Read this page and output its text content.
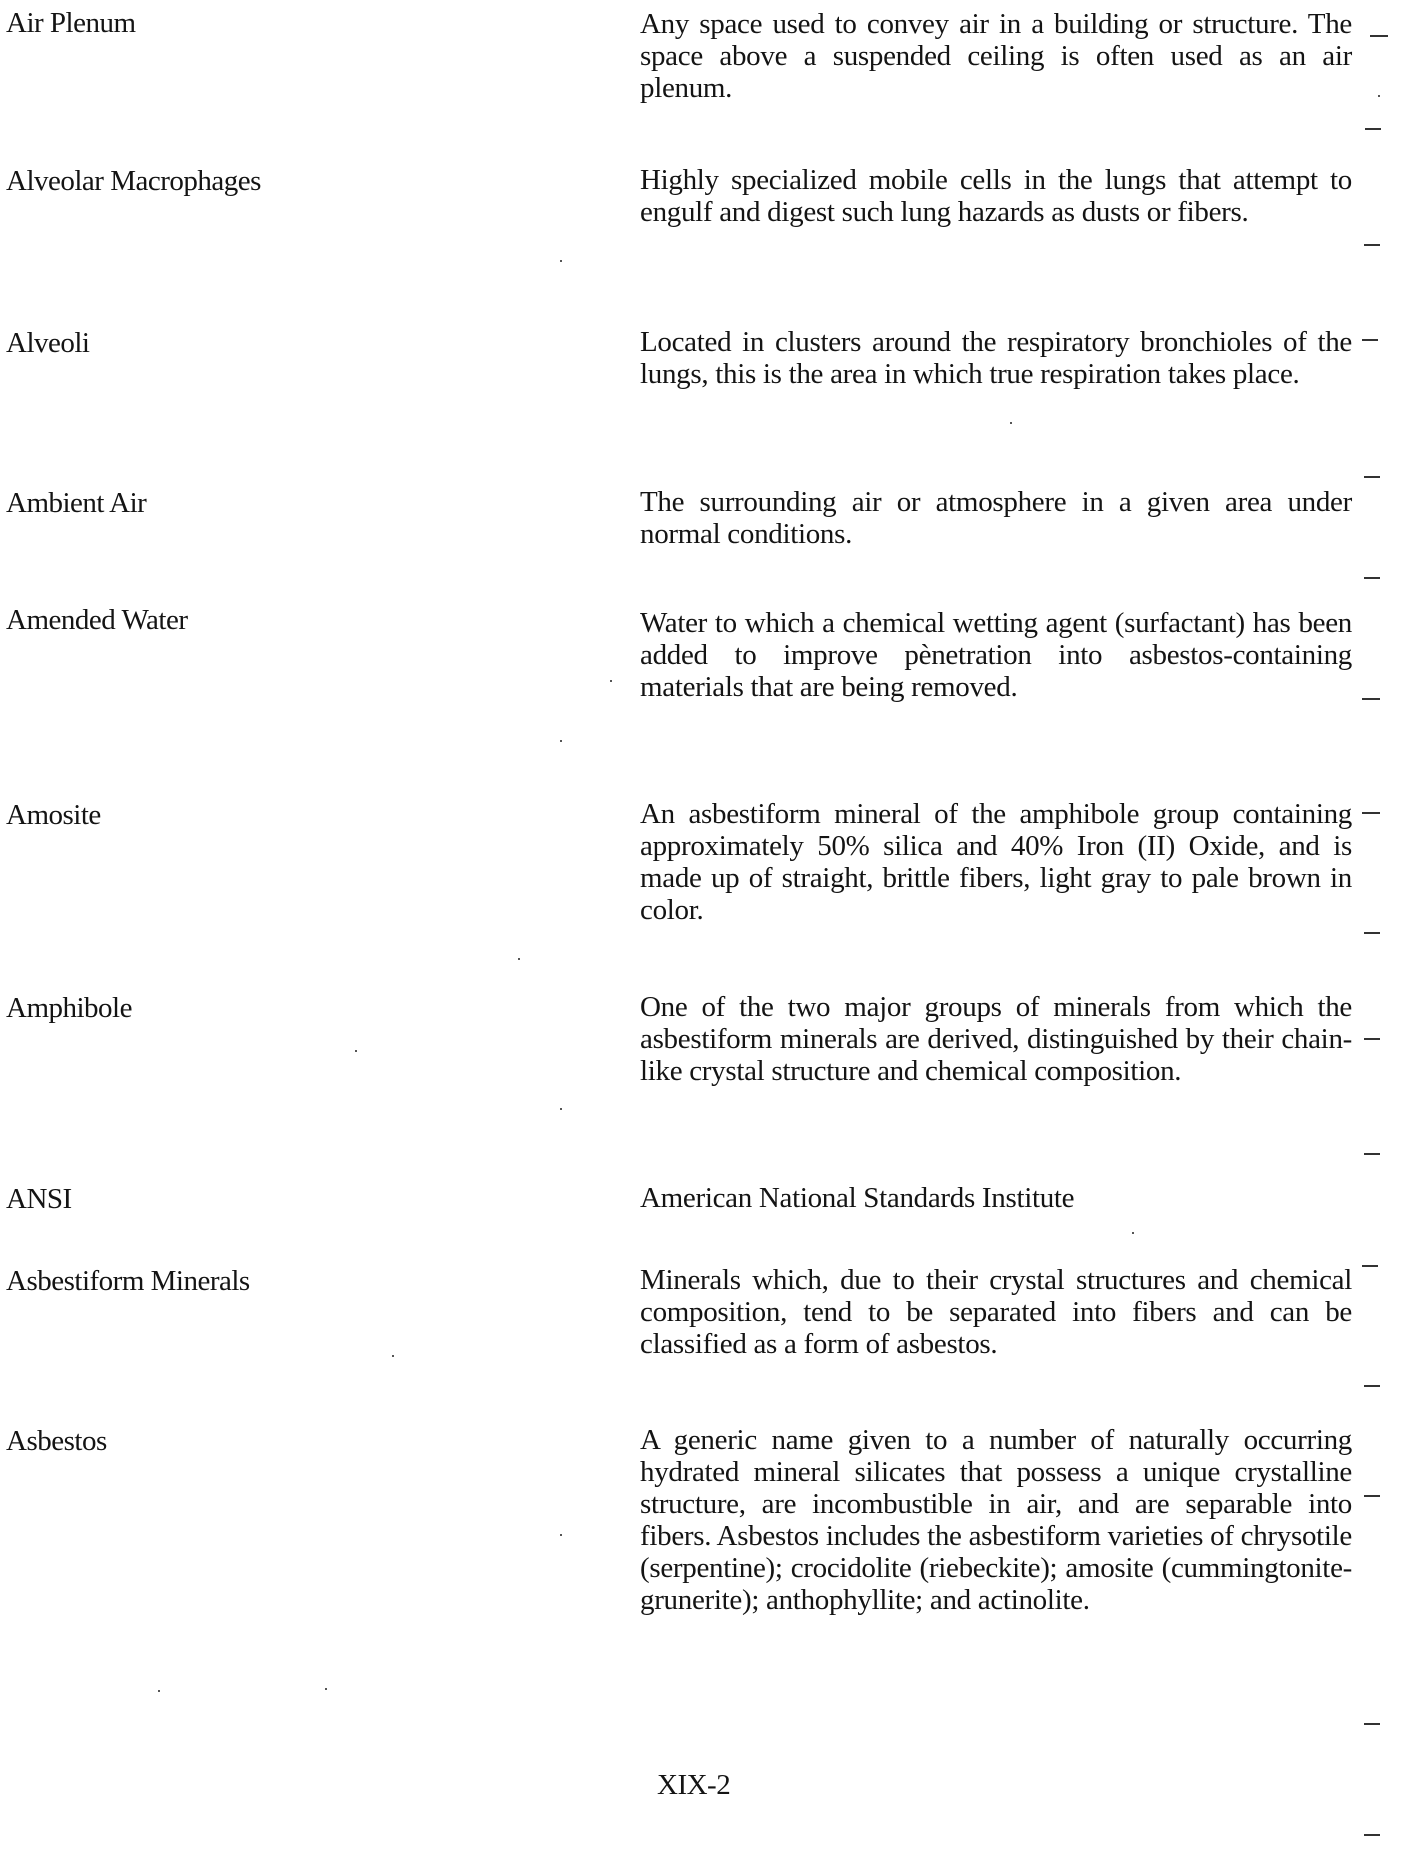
Air Plenum	Any space used to convey air in a building or structure. The space above a suspended ceiling is often used as an air plenum.
Alveolar Macrophages	Highly specialized mobile cells in the lungs that attempt to engulf and digest such lung hazards as dusts or fibers.
Alveoli	Located in clusters around the respiratory bronchioles of the lungs, this is the area in which true respiration takes place.
Ambient Air	The surrounding air or atmosphere in a given area under normal conditions.
Amended Water	Water to which a chemical wetting agent (surfactant) has been added to improve pènetration into asbestos-containing materials that are being removed.
Amosite	An asbestiform mineral of the amphibole group containing approximately 50% silica and 40% Iron (II) Oxide, and is made up of straight, brittle fibers, light gray to pale brown in color.
Amphibole	One of the two major groups of minerals from which the asbestiform minerals are derived, distinguished by their chain-like crystal structure and chemical composition.
ANSI	American National Standards Institute
Asbestiform Minerals	Minerals which, due to their crystal structures and chemical composition, tend to be separated into fibers and can be classified as a form of asbestos.
Asbestos	A generic name given to a number of naturally occurring hydrated mineral silicates that possess a unique crystalline structure, are incombustible in air, and are separable into fibers. Asbestos includes the asbestiform varieties of chrysotile (serpentine); crocidolite (riebeckite); amosite (cummingtonite-grunerite); anthophyllite; and actinolite.
XIX-2
